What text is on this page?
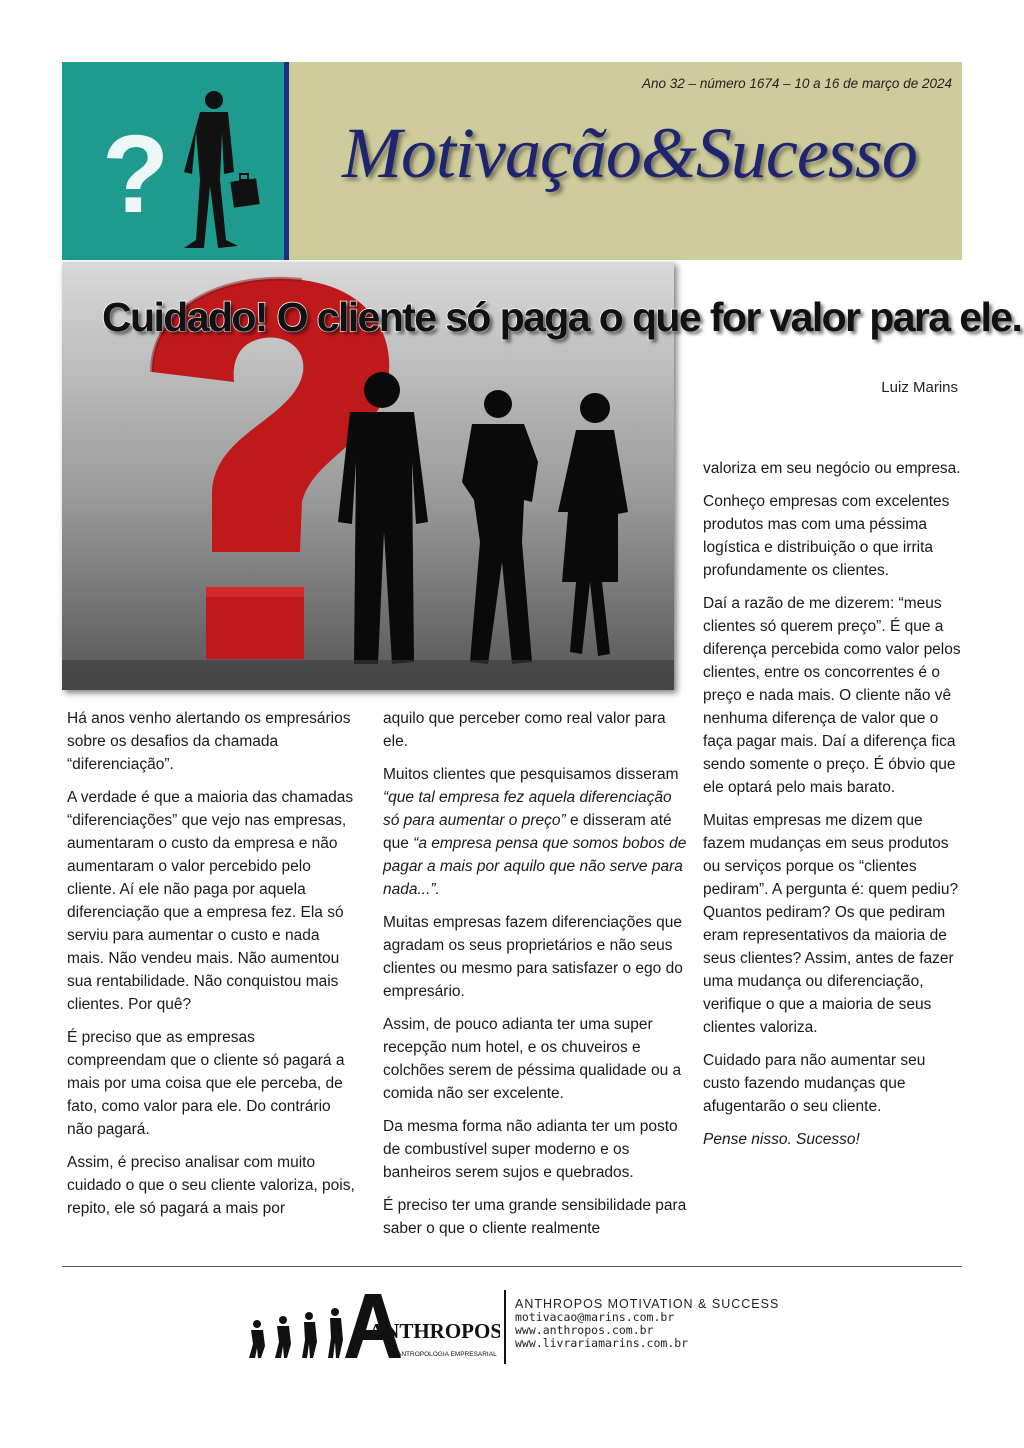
?
Ano 32 – número 1674 – 10 a 16 de março de 2024
Motivação&Sucesso
Cuidado! O cliente só paga o que for valor para ele.
Luiz Marins

Há anos venho alertando os empresários sobre os desafios da chamada “diferenciação”.

A verdade é que a maioria das chamadas “diferenciações” que vejo nas empresas, aumentaram o custo da empresa e não aumentaram o valor percebido pelo cliente. Aí ele não paga por aquela diferenciação que a empresa fez. Ela só serviu para aumentar o custo e nada mais. Não vendeu mais. Não aumentou sua rentabilidade. Não conquistou mais clientes. Por quê?

É preciso que as empresas compreendam que o cliente só pagará a mais por uma coisa que ele perceba, de fato, como valor para ele. Do contrário não pagará.

Assim, é preciso analisar com muito cuidado o que o seu cliente valoriza, pois, repito, ele só pagará a mais por

aquilo que perceber como real valor para ele.

Muitos clientes que pesquisamos disseram “que tal empresa fez aquela diferenciação só para aumentar o preço” e disseram até que “a empresa pensa que somos bobos de pagar a mais por aquilo que não serve para nada...”.

Muitas empresas fazem diferenciações que agradam os seus proprietários e não seus clientes ou mesmo para satisfazer o ego do empresário.

Assim, de pouco adianta ter uma super recepção num hotel, e os chuveiros e colchões serem de péssima qualidade ou a comida não ser excelente.

Da mesma forma não adianta ter um posto de combustível super moderno e os banheiros serem sujos e quebrados.

É preciso ter uma grande sensibilidade para saber o que o cliente realmente

valoriza em seu negócio ou empresa.

Conheço empresas com excelentes produtos mas com uma péssima logística e distribuição o que irrita profundamente os clientes.

Daí a razão de me dizerem: “meus clientes só querem preço”. É que a diferença percebida como valor pelos clientes, entre os concorrentes é o preço e nada mais. O cliente não vê nenhuma diferença de valor que o faça pagar mais. Daí a diferença fica sendo somente o preço. É óbvio que ele optará pelo mais barato.

Muitas empresas me dizem que fazem mudanças em seus produtos ou serviços porque os “clientes pediram”. A pergunta é: quem pediu? Quantos pediram? Os que pediram eram representativos da maioria de seus clientes? Assim, antes de fazer uma mudança ou diferenciação, verifique o que a maioria de seus clientes valoriza.

Cuidado para não aumentar seu custo fazendo mudanças que afugentarão o seu cliente.

Pense nisso. Sucesso!

ANTHROPOS
ANTROPOLOGIA EMPRESARIAL
ANTHROPOS MOTIVATION & SUCCESS
motivacao@marins.com.br
www.anthropos.com.br
www.livrariamarins.com.br
